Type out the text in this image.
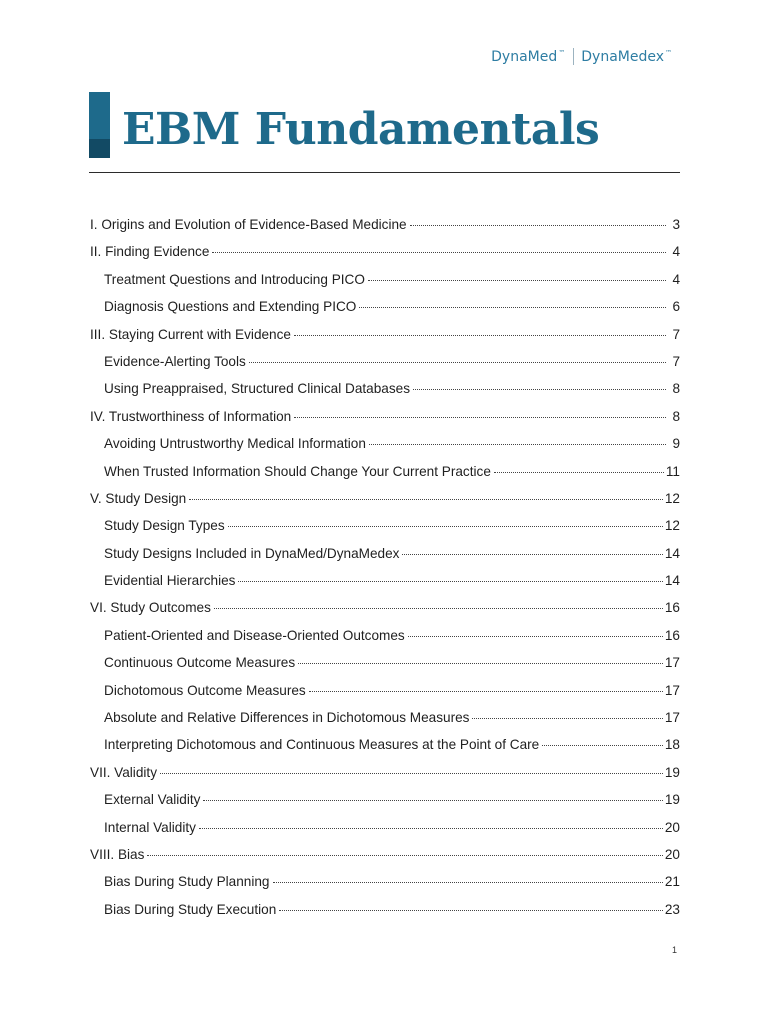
DynaMed ™ DynaMedex ™
EBM Fundamentals
I. Origins and Evolution of Evidence-Based Medicine	3
II. Finding Evidence	4
Treatment Questions and Introducing PICO	4
Diagnosis Questions and Extending PICO	6
III. Staying Current with Evidence	7
Evidence-Alerting Tools	7
Using Preappraised, Structured Clinical Databases	8
IV. Trustworthiness of Information	8
Avoiding Untrustworthy Medical Information	9
When Trusted Information Should Change Your Current Practice	11
V. Study Design	12
Study Design Types	12
Study Designs Included in DynaMed/DynaMedex	14
Evidential Hierarchies	14
VI. Study Outcomes	16
Patient-Oriented and Disease-Oriented Outcomes	16
Continuous Outcome Measures	17
Dichotomous Outcome Measures	17
Absolute and Relative Differences in Dichotomous Measures	17
Interpreting Dichotomous and Continuous Measures at the Point of Care	18
VII. Validity	19
External Validity	19
Internal Validity	20
VIII. Bias	20
Bias During Study Planning	21
Bias During Study Execution	23
1
